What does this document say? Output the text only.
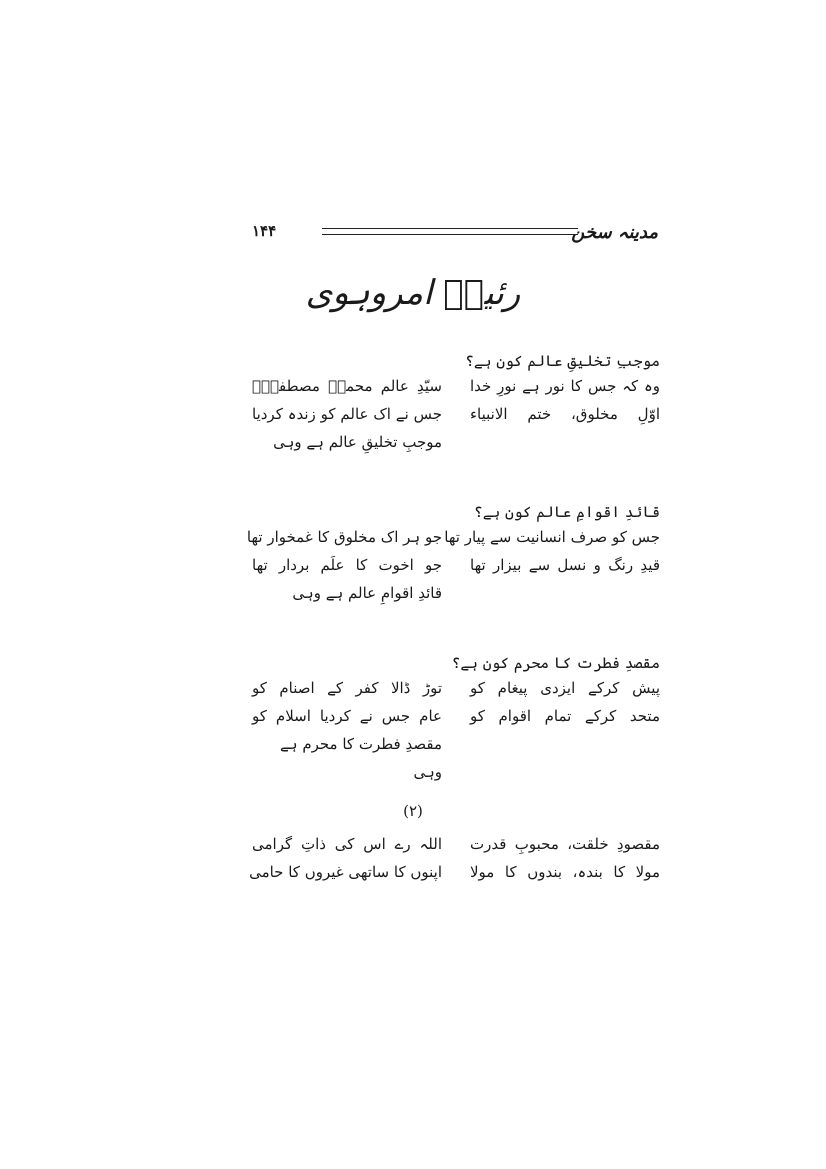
مدینہ سخن
۱۴۴
رئیسؔ امروہوی
موجبِ تخلیقِ عالم کون ہے؟
وہ کہ جس کا نور ہے نورِ خدا
سیّدِ عالم محمدؐ مصطفیٰؐ
اوّلِ مخلوق، ختم الانبیاء
جس نے اک عالم کو زندہ کردیا
موجبِ تخلیقِ عالم ہے وہی
قائدِ اقوامِ عالم کون ہے؟
جس کو صرف انسانیت سے پیار تھا
جو ہر اک مخلوق کا غمخوار تھا
قیدِ رنگ و نسل سے بیزار تھا
جو اخوت کا علَم بردار تھا
قائدِ اقوامِ عالم ہے وہی
مقصدِ فطرت کا محرم کون ہے؟
پیش کرکے ایزدی پیغام کو
توڑ ڈالا کفر کے اصنام کو
متحد کرکے تمام اقوام کو
عام جس نے کردیا اسلام کو
مقصدِ فطرت کا محرم ہے وہی
(۲)
مقصودِ خلقت، محبوبِ قدرت
اللہ رے اس کی ذاتِ گرامی
مولا کا بندہ، بندوں کا مولا
اپنوں کا ساتھی غیروں کا حامی
